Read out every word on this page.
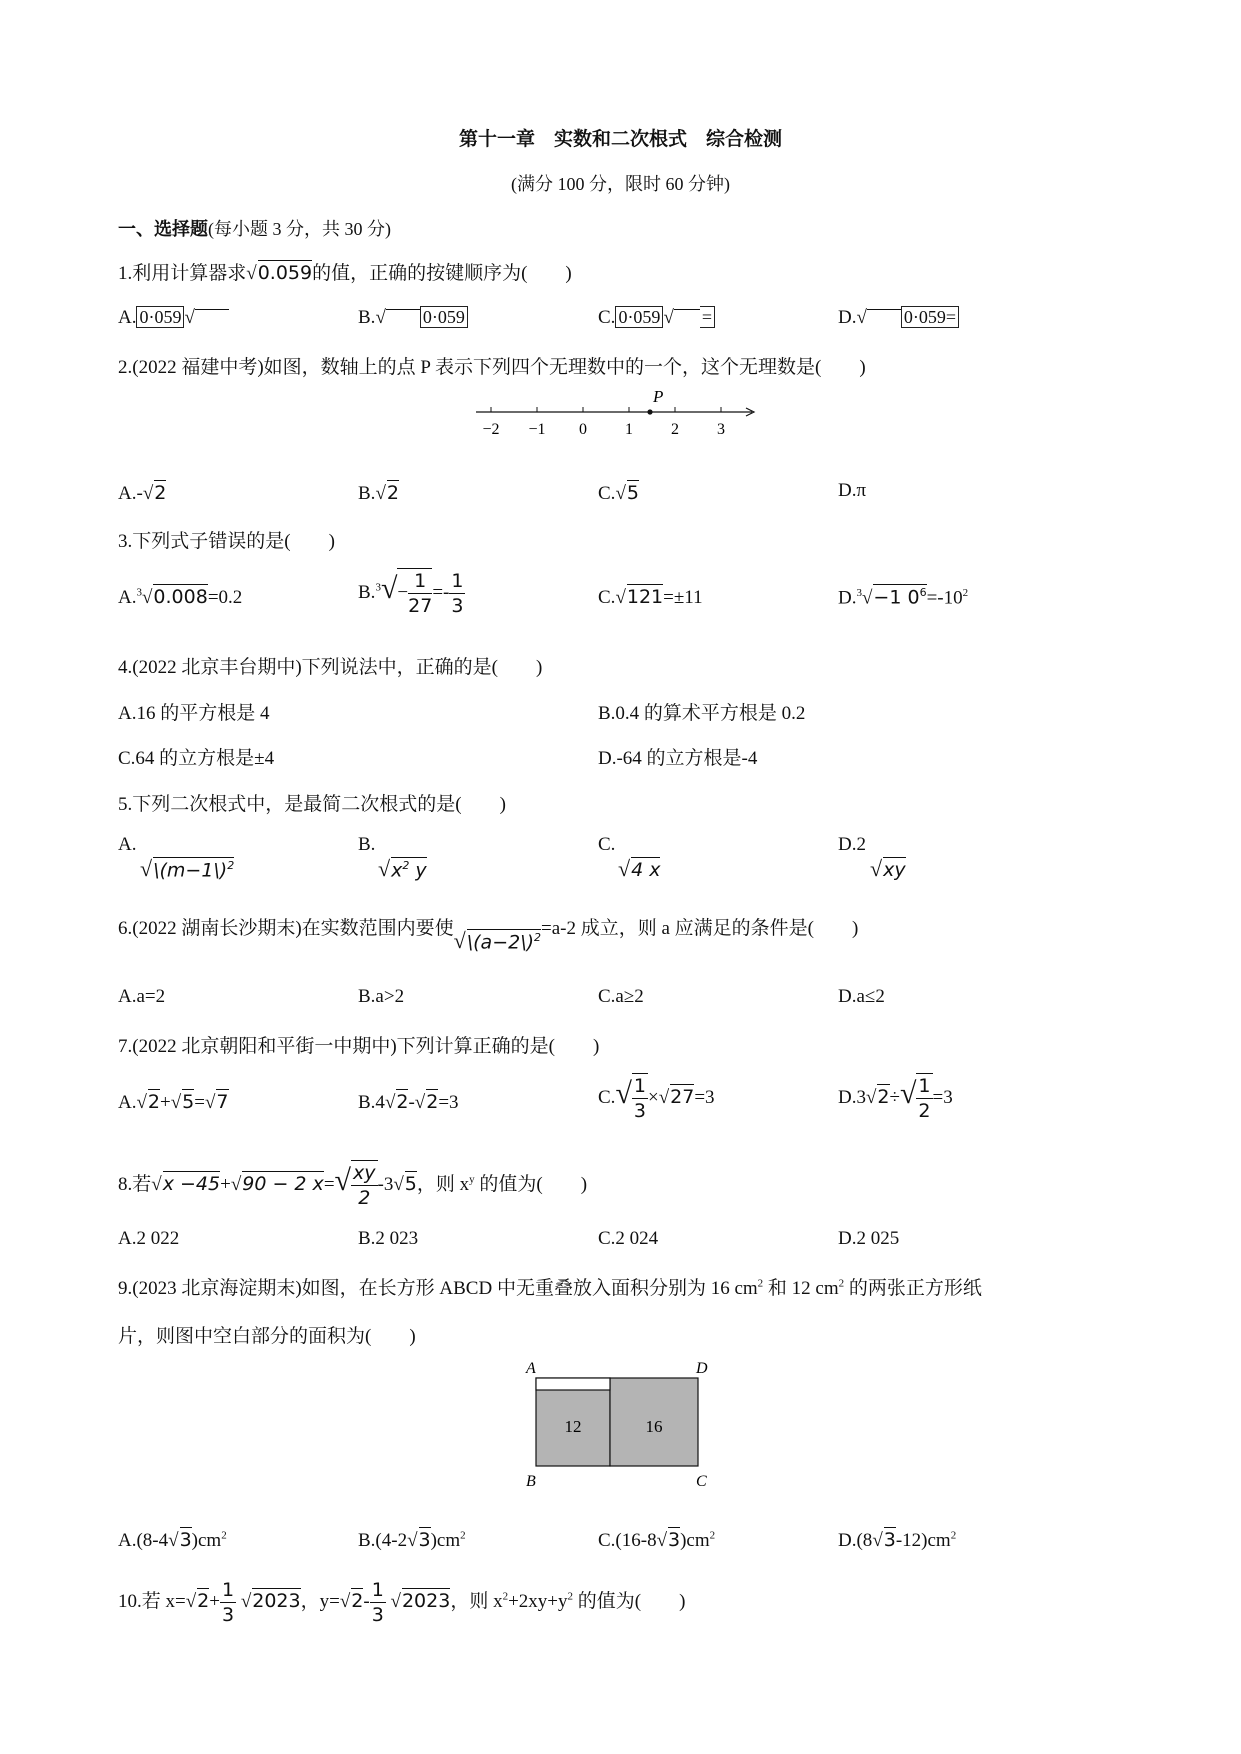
第十一章　实数和二次根式　综合检测
(满分 100 分，限时 60 分钟)
一、选择题(每小题 3 分，共 30 分)
1.利用计算器求√0.059的值，正确的按键顺序为(　　)
A. 0·059 √	B.√ 0·059	C. 0·059 √ =	D.√ 0·059=
2.(2022 福建中考)如图，数轴上的点 P 表示下列四个无理数中的一个，这个无理数是(　　)
P
−2 −1 0 1 2 3
A.-√2	B.√2	C.√5	D.π
3.下列式子错误的是(　　)
A.$^3$√0.008=0.2	$B.^3√- \frac{1}{27} =- \frac{1}{3}$	C.√121=±11	D.$^3$√−1 $0^6=-10^2$
4.(2022 北京丰台期中)下列说法中，正确的是(　　)
A.16 的平方根是 4	B.0.4 的算术平方根是 0.2
C.64 的立方根是±4	D.-64 的立方根是-4
5.下列二次根式中，是最简二次根式的是(　　)
A.
√\(m−1\)$^2$
B.
$√x^2$ y
C.
√4 x
D.2
√xy
6.(2022 湖南长沙期末)在实数范围内要使√\(a−2\)$^2$=a-2 成立，则 a 应满足的条件是(　　)
A.a=2	B.a>2	C.a≥2	D.a≤2
7.(2022 北京朝阳和平街一中期中)下列计算正确的是(　　)
A.√2+√5=√7	B.4√2-√2=3	$C.√ \frac{1}{3} \times√27=3$	$D.3√2\div√ \frac{1}{2} =3$
8.若√x −45+√90 − 2 $x=√ \frac{xy}{2} -3√5$，则 $x^y$ 的值为(　　)
A.2 022	B.2 023	C.2 024	D.2 025
9.(2023 北京海淀期末)如图，在长方形 ABCD 中无重叠放入面积分别为 16 $cm^2$ 和 12 $cm^2$ 的两张正方形纸
片，则图中空白部分的面积为(　　)
A	D
B	C
12	16
$A.(8-4√3)cm^2$	$B.(4-2√3)cm^2$	$C.(16-8√3)cm^2$	$D.(8√3-12)cm^2$
10.若 $x=√2+ \frac{1}{3} √2023$，$y=√2- \frac{1}{3} √2023$，则 $x^2+2xy+y^2$ 的值为(　　)
